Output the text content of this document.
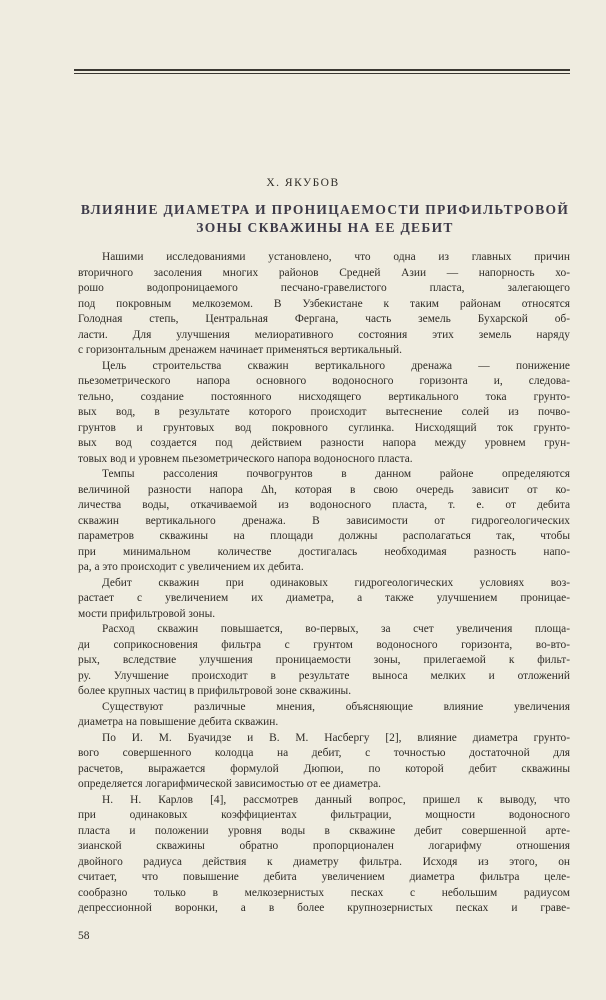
Х. ЯКУБОВ
ВЛИЯНИЕ ДИАМЕТРА И ПРОНИЦАЕМОСТИ ПРИФИЛЬТРОВОЙ
ЗОНЫ СКВАЖИНЫ НА ЕЕ ДЕБИТ
Нашими исследованиями установлено, что одна из главных причин
вторичного засоления многих районов Средней Азии — напорность хо-
рошо водопроницаемого песчано-гравелистого пласта, залегающего
под покровным мелкоземом. В Узбекистане к таким районам относятся
Голодная степь, Центральная Фергана, часть земель Бухарской об-
ласти. Для улучшения мелиоративного состояния этих земель наряду
с горизонтальным дренажем начинает применяться вертикальный.
Цель строительства скважин вертикального дренажа — понижение
пьезометрического напора основного водоносного горизонта и, следова-
тельно, создание постоянного нисходящего вертикального тока грунто-
вых вод, в результате которого происходит вытеснение солей из почво-
грунтов и грунтовых вод покровного суглинка. Нисходящий ток грунто-
вых вод создается под действием разности напора между уровнем грун-
товых вод и уровнем пьезометрического напора водоносного пласта.
Темпы рассоления почвогрунтов в данном районе определяются
величиной разности напора Δh, которая в свою очередь зависит от ко-
личества воды, откачиваемой из водоносного пласта, т. е. от дебита
скважин вертикального дренажа. В зависимости от гидрогеологических
параметров скважины на площади должны располагаться так, чтобы
при минимальном количестве достигалась необходимая разность напо-
ра, а это происходит с увеличением их дебита.
Дебит скважин при одинаковых гидрогеологических условиях воз-
растает с увеличением их диаметра, а также улучшением проницае-
мости прифильтровой зоны.
Расход скважин повышается, во-первых, за счет увеличения площа-
ди соприкосновения фильтра с грунтом водоносного горизонта, во-вто-
рых, вследствие улучшения проницаемости зоны, прилегаемой к фильт-
ру. Улучшение происходит в результате выноса мелких и отложений
более крупных частиц в прифильтровой зоне скважины.
Существуют различные мнения, объясняющие влияние увеличения
диаметра на повышение дебита скважин.
По И. М. Буачидзе и В. М. Насбергу [2], влияние диаметра грунто-
вого совершенного колодца на дебит, с точностью достаточной для
расчетов, выражается формулой Дюпюи, по которой дебит скважины
определяется логарифмической зависимостью от ее диаметра.
Н. Н. Карлов [4], рассмотрев данный вопрос, пришел к выводу, что
при одинаковых коэффициентах фильтрации, мощности водоносного
пласта и положении уровня воды в скважине дебит совершенной арте-
зианской скважины обратно пропорционален логарифму отношения
двойного радиуса действия к диаметру фильтра. Исходя из этого, он
считает, что повышение дебита увеличением диаметра фильтра целе-
сообразно только в мелкозернистых песках с небольшим радиусом
депрессионной воронки, а в более крупнозернистых песках и граве-
58
